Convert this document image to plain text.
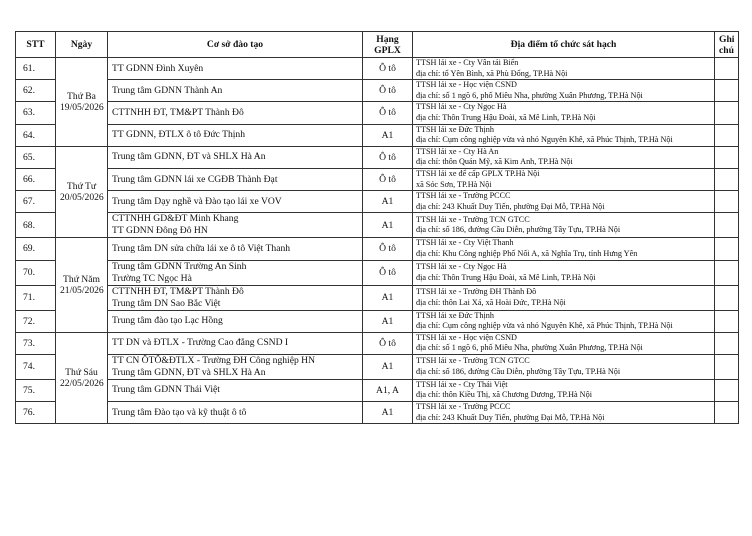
STT	Ngày	Cơ sở đào tạo	Hạng
GPLX	Địa điểm tổ chức sát hạch	Ghi
chú

61.	Thứ Ba
19/05/2026	TT GDNN Đình Xuyên	Ô tô	TTSH lái xe - Cty Vân tải Biển
địa chỉ: tổ Yên Bình, xã Phù Đổng, TP.Hà Nội	

62.		Trung tâm GDNN Thành An	Ô tô	TTSH lái xe - Học viện CSND
địa chỉ: số 1 ngõ 6, phố Miêu Nha, phường Xuân Phương, TP.Hà Nội	

63.		CTTNHH ĐT, TM&PT Thành Đô	Ô tô	TTSH lái xe - Cty Ngọc Hà
địa chỉ: Thôn Trung Hậu Đoài, xã Mê Linh, TP.Hà Nội	

64.		TT GDNN, ĐTLX ô tô Đức Thịnh	A1	TTSH lái xe Đức Thịnh
địa chỉ: Cụm công nghiệp vừa và nhỏ Nguyên Khê, xã Phúc Thịnh, TP.Hà Nội	

65.	Thứ Tư
20/05/2026	Trung tâm GDNN, ĐT và SHLX Hà An	Ô tô	TTSH lái xe - Cty Hà An
địa chỉ: thôn Quản Mỹ, xã Kim Anh, TP.Hà Nội	

66.		Trung tâm GDNN lái xe CGĐB Thành Đạt	Ô tô	TTSH lái xe để cấp GPLX TP.Hà Nội
xã Sóc Sơn, TP.Hà Nội	

67.		Trung tâm Dạy nghề và Đào tạo lái xe VOV	A1	TTSH lái xe - Trường PCCC
địa chỉ: 243 Khuất Duy Tiến, phường Đại Mỗ, TP.Hà Nội	

68.		CTTNHH GD&ĐT Minh Khang
TT GDNN Đông Đô HN	A1	TTSH lái xe - Trường TCN GTCC
địa chỉ: số 186, đường Cầu Diễn, phường Tây Tựu, TP.Hà Nội	

69.	Thứ Năm
21/05/2026	Trung tâm DN sửa chữa lái xe ô tô Việt Thanh	Ô tô	TTSH lái xe - Cty Việt Thanh
địa chỉ: Khu Công nghiệp Phố Nối A, xã Nghĩa Trụ, tỉnh Hưng Yên	

70.		Trung tâm GDNN Trường An Sinh
Trường TC Ngọc Hà	Ô tô	TTSH lái xe - Cty Ngọc Hà
địa chỉ: Thôn Trung Hậu Đoài, xã Mê Linh, TP.Hà Nội	

71.		CTTNHH ĐT, TM&PT Thành Đô
Trung tâm DN Sao Bắc Việt	A1	TTSH lái xe - Trường ĐH Thành Đô
địa chỉ: thôn Lai Xá, xã Hoài Đức, TP.Hà Nội	

72.		Trung tâm đào tạo Lạc Hồng	A1	TTSH lái xe Đức Thịnh
địa chỉ: Cụm công nghiệp vừa và nhỏ Nguyên Khê, xã Phúc Thịnh, TP.Hà Nội	

73.	Thứ Sáu
22/05/2026	TT DN và ĐTLX - Trường Cao đẳng CSND I	Ô tô	TTSH lái xe - Học viện CSND
địa chỉ: số 1 ngõ 6, phố Miêu Nha, phường Xuân Phương, TP.Hà Nội	

74.		TT CN ÔTÔ&ĐTLX - Trường ĐH Công nghiệp HN
Trung tâm GDNN, ĐT và SHLX Hà An	A1	TTSH lái xe - Trường TCN GTCC
địa chỉ: số 186, đường Cầu Diễn, phường Tây Tựu, TP.Hà Nội	

75.		Trung tâm GDNN Thái Việt	A1, A	TTSH lái xe - Cty Thái Việt
địa chỉ: thôn Kiều Thị, xã Chương Dương, TP.Hà Nội	

76.		Trung tâm Đào tạo và kỹ thuật ô tô	A1	TTSH lái xe - Trường PCCC
địa chỉ: 243 Khuất Duy Tiến, phường Đại Mỗ, TP.Hà Nội	
